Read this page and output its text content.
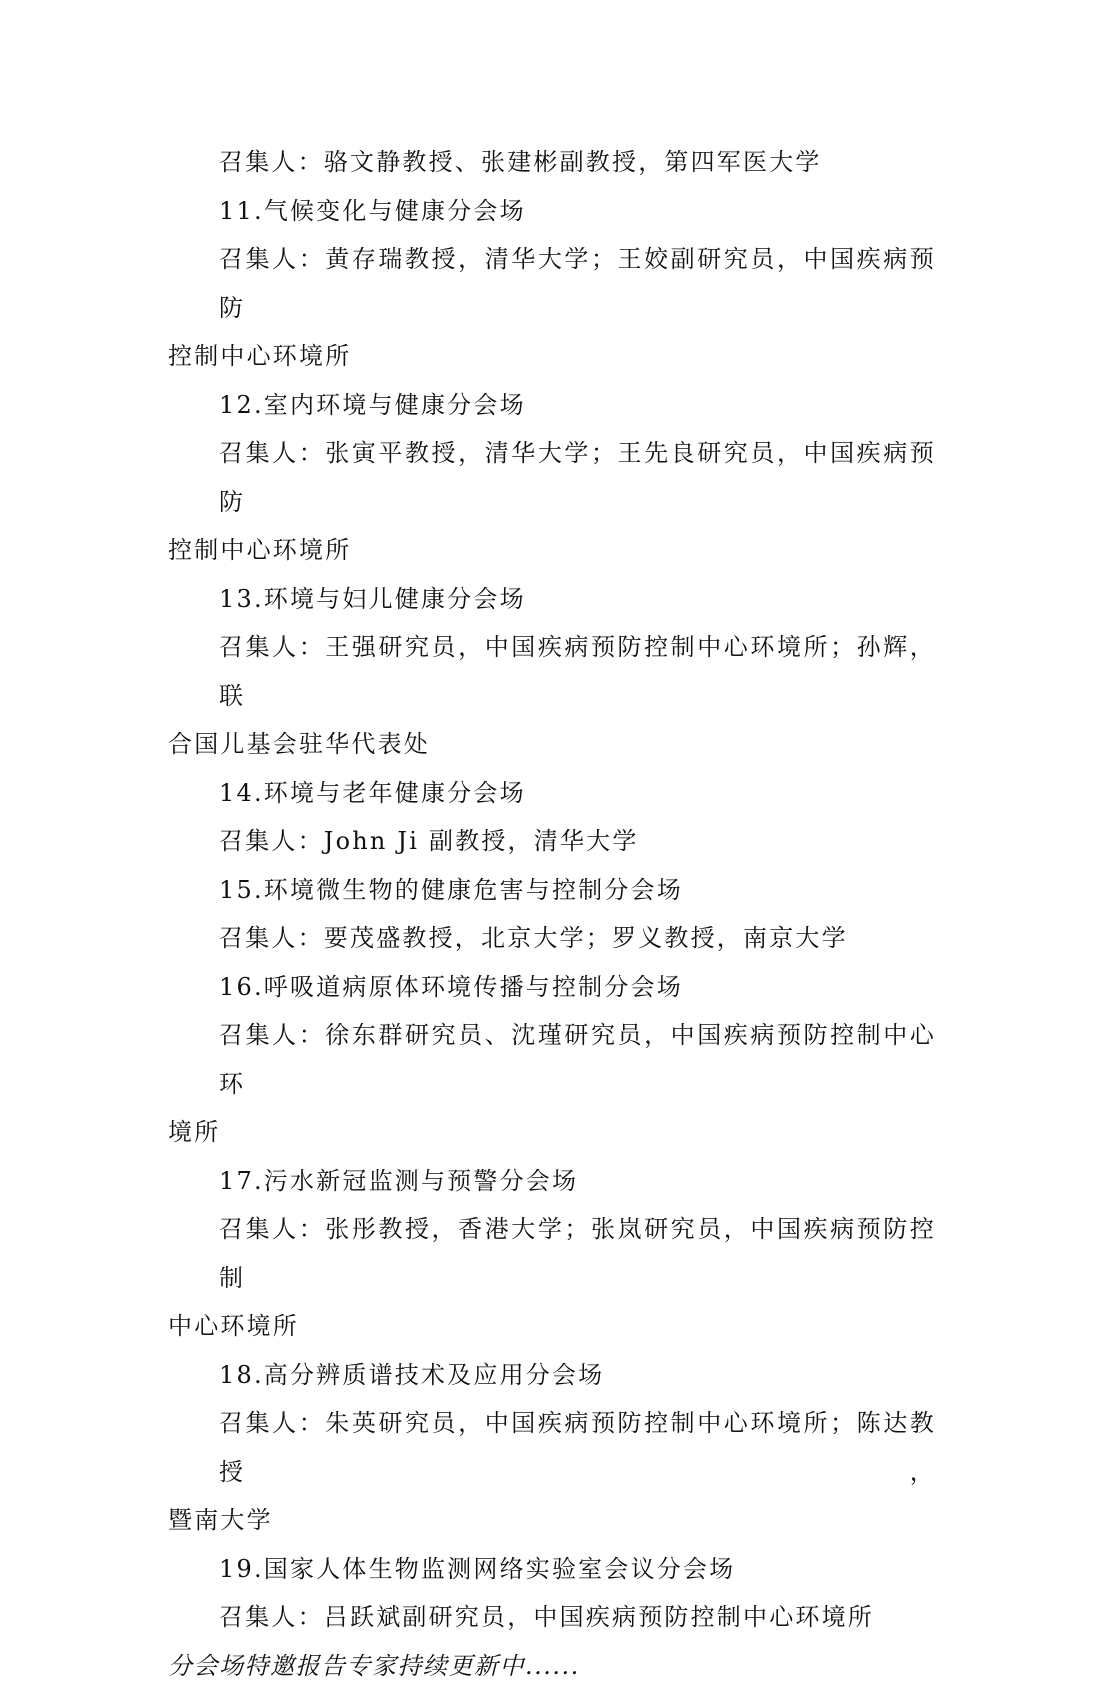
召集人：骆文静教授、张建彬副教授，第四军医大学

11.气候变化与健康分会场

召集人：黄存瑞教授，清华大学；王姣副研究员，中国疾病预防

控制中心环境所

12.室内环境与健康分会场

召集人：张寅平教授，清华大学；王先良研究员，中国疾病预防

控制中心环境所

13.环境与妇儿健康分会场

召集人：王强研究员，中国疾病预防控制中心环境所；孙辉，联

合国儿基会驻华代表处

14.环境与老年健康分会场

召集人：John Ji 副教授，清华大学

15.环境微生物的健康危害与控制分会场

召集人：要茂盛教授，北京大学；罗义教授，南京大学

16.呼吸道病原体环境传播与控制分会场

召集人：徐东群研究员、沈瑾研究员，中国疾病预防控制中心环

境所

17.污水新冠监测与预警分会场

召集人：张彤教授，香港大学；张岚研究员，中国疾病预防控制

中心环境所

18.高分辨质谱技术及应用分会场

召集人：朱英研究员，中国疾病预防控制中心环境所；陈达教授，

暨南大学

19.国家人体生物监测网络实验室会议分会场

召集人：吕跃斌副研究员，中国疾病预防控制中心环境所

分会场特邀报告专家持续更新中......
